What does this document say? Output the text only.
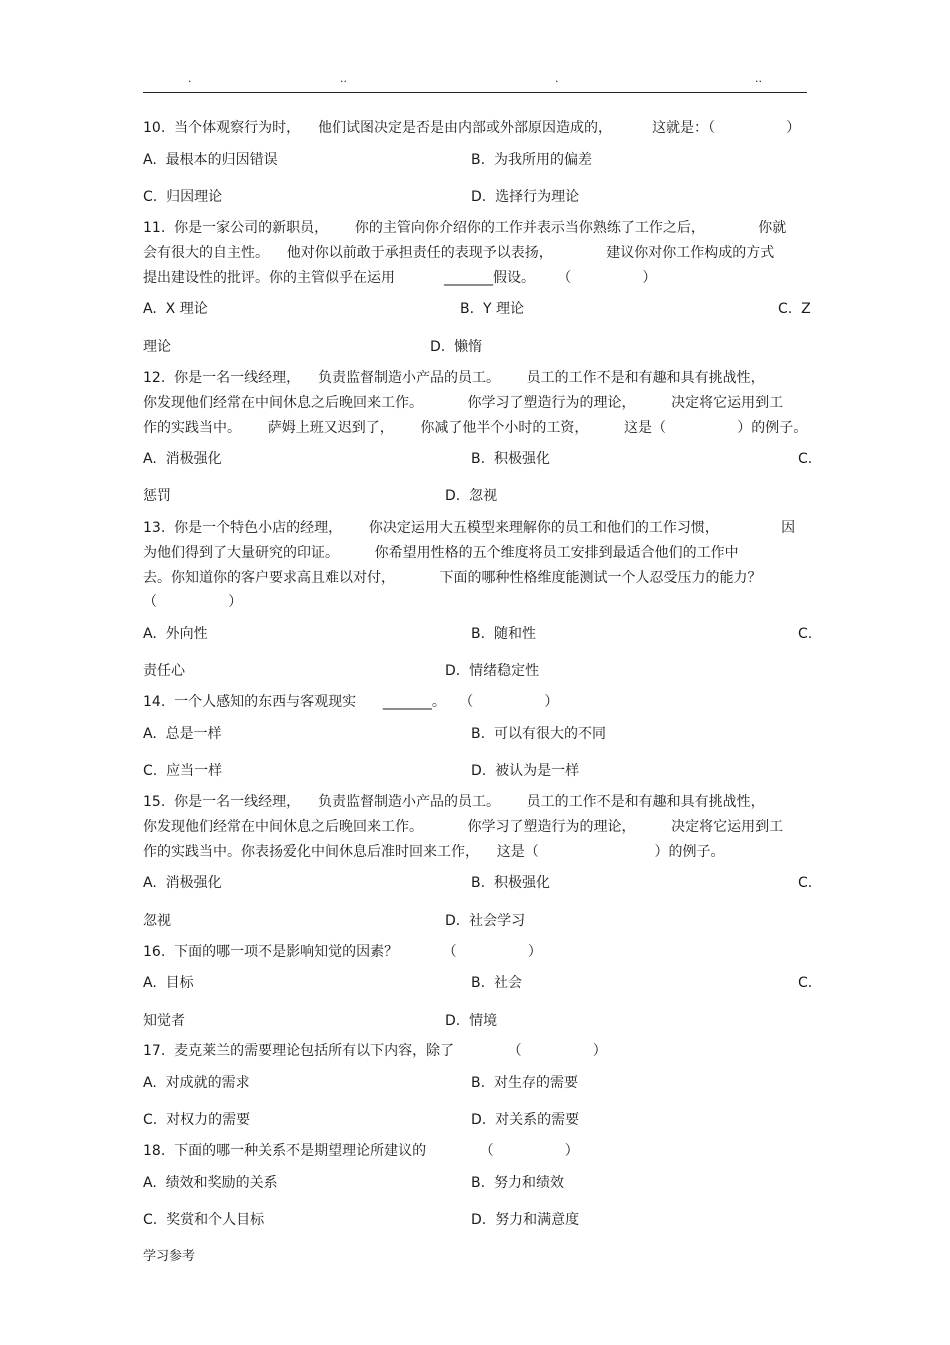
.	..	.	..
10.  当个体观察行为时，    他们试图决定是否是由内部或外部原因造成的，         这就是：（                ）
A.  最根本的归因错误	B.  为我所用的偏差
C.  归因理论	D.  选择行为理论
11.  你是一家公司的新职员，      你的主管向你介绍你的工作并表示当你熟练了工作之后，            你就
会有很大的自主性。    他对你以前敢于承担责任的表现予以表扬，            建议你对你工作构成的方式
提出建设性的批评。你的主管似乎在运用           _______假设。     （                ）
A.  X 理论	B.  Y 理论	C.  Z
理论	D.  懒惰
12.  你是一名一线经理，    负责监督制造小产品的员工。      员工的工作不是和有趣和具有挑战性，
你发现他们经常在中间休息之后晚回来工作。          你学习了塑造行为的理论，        决定将它运用到工
作的实践当中。      萨姆上班又迟到了，      你减了他半个小时的工资，        这是（                ）的例子。
A.  消极强化	B.  积极强化	C.
惩罚	D.  忽视
13.  你是一个特色小店的经理，      你决定运用大五模型来理解你的员工和他们的工作习惯，              因
为他们得到了大量研究的印证。        你希望用性格的五个维度将员工安排到最适合他们的工作中
去。你知道你的客户要求高且难以对付，          下面的哪种性格维度能测试一个人忍受压力的能力？
（                ）
A.  外向性	B.  随和性	C.
责任心	D.  情绪稳定性
14.  一个人感知的东西与客观现实      _______。   （                ）
A.  总是一样	B.  可以有很大的不同
C.  应当一样	D.  被认为是一样
15.  你是一名一线经理，    负责监督制造小产品的员工。      员工的工作不是和有趣和具有挑战性，
你发现他们经常在中间休息之后晚回来工作。          你学习了塑造行为的理论，        决定将它运用到工
作的实践当中。你表扬爱化中间休息后准时回来工作，    这是（                          ）的例子。
A.  消极强化	B.  积极强化	C.
忽视	D.  社会学习
16.  下面的哪一项不是影响知觉的因素？          （                ）
A.  目标	B.  社会	C.
知觉者	D.  情境
17.  麦克莱兰的需要理论包括所有以下内容，除了            （                ）
A.  对成就的需求	B.  对生存的需要
C.  对权力的需要	D.  对关系的需要
18.  下面的哪一种关系不是期望理论所建议的            （                ）
A.  绩效和奖励的关系	B.  努力和绩效
C.  奖赏和个人目标	D.  努力和满意度
学习参考
